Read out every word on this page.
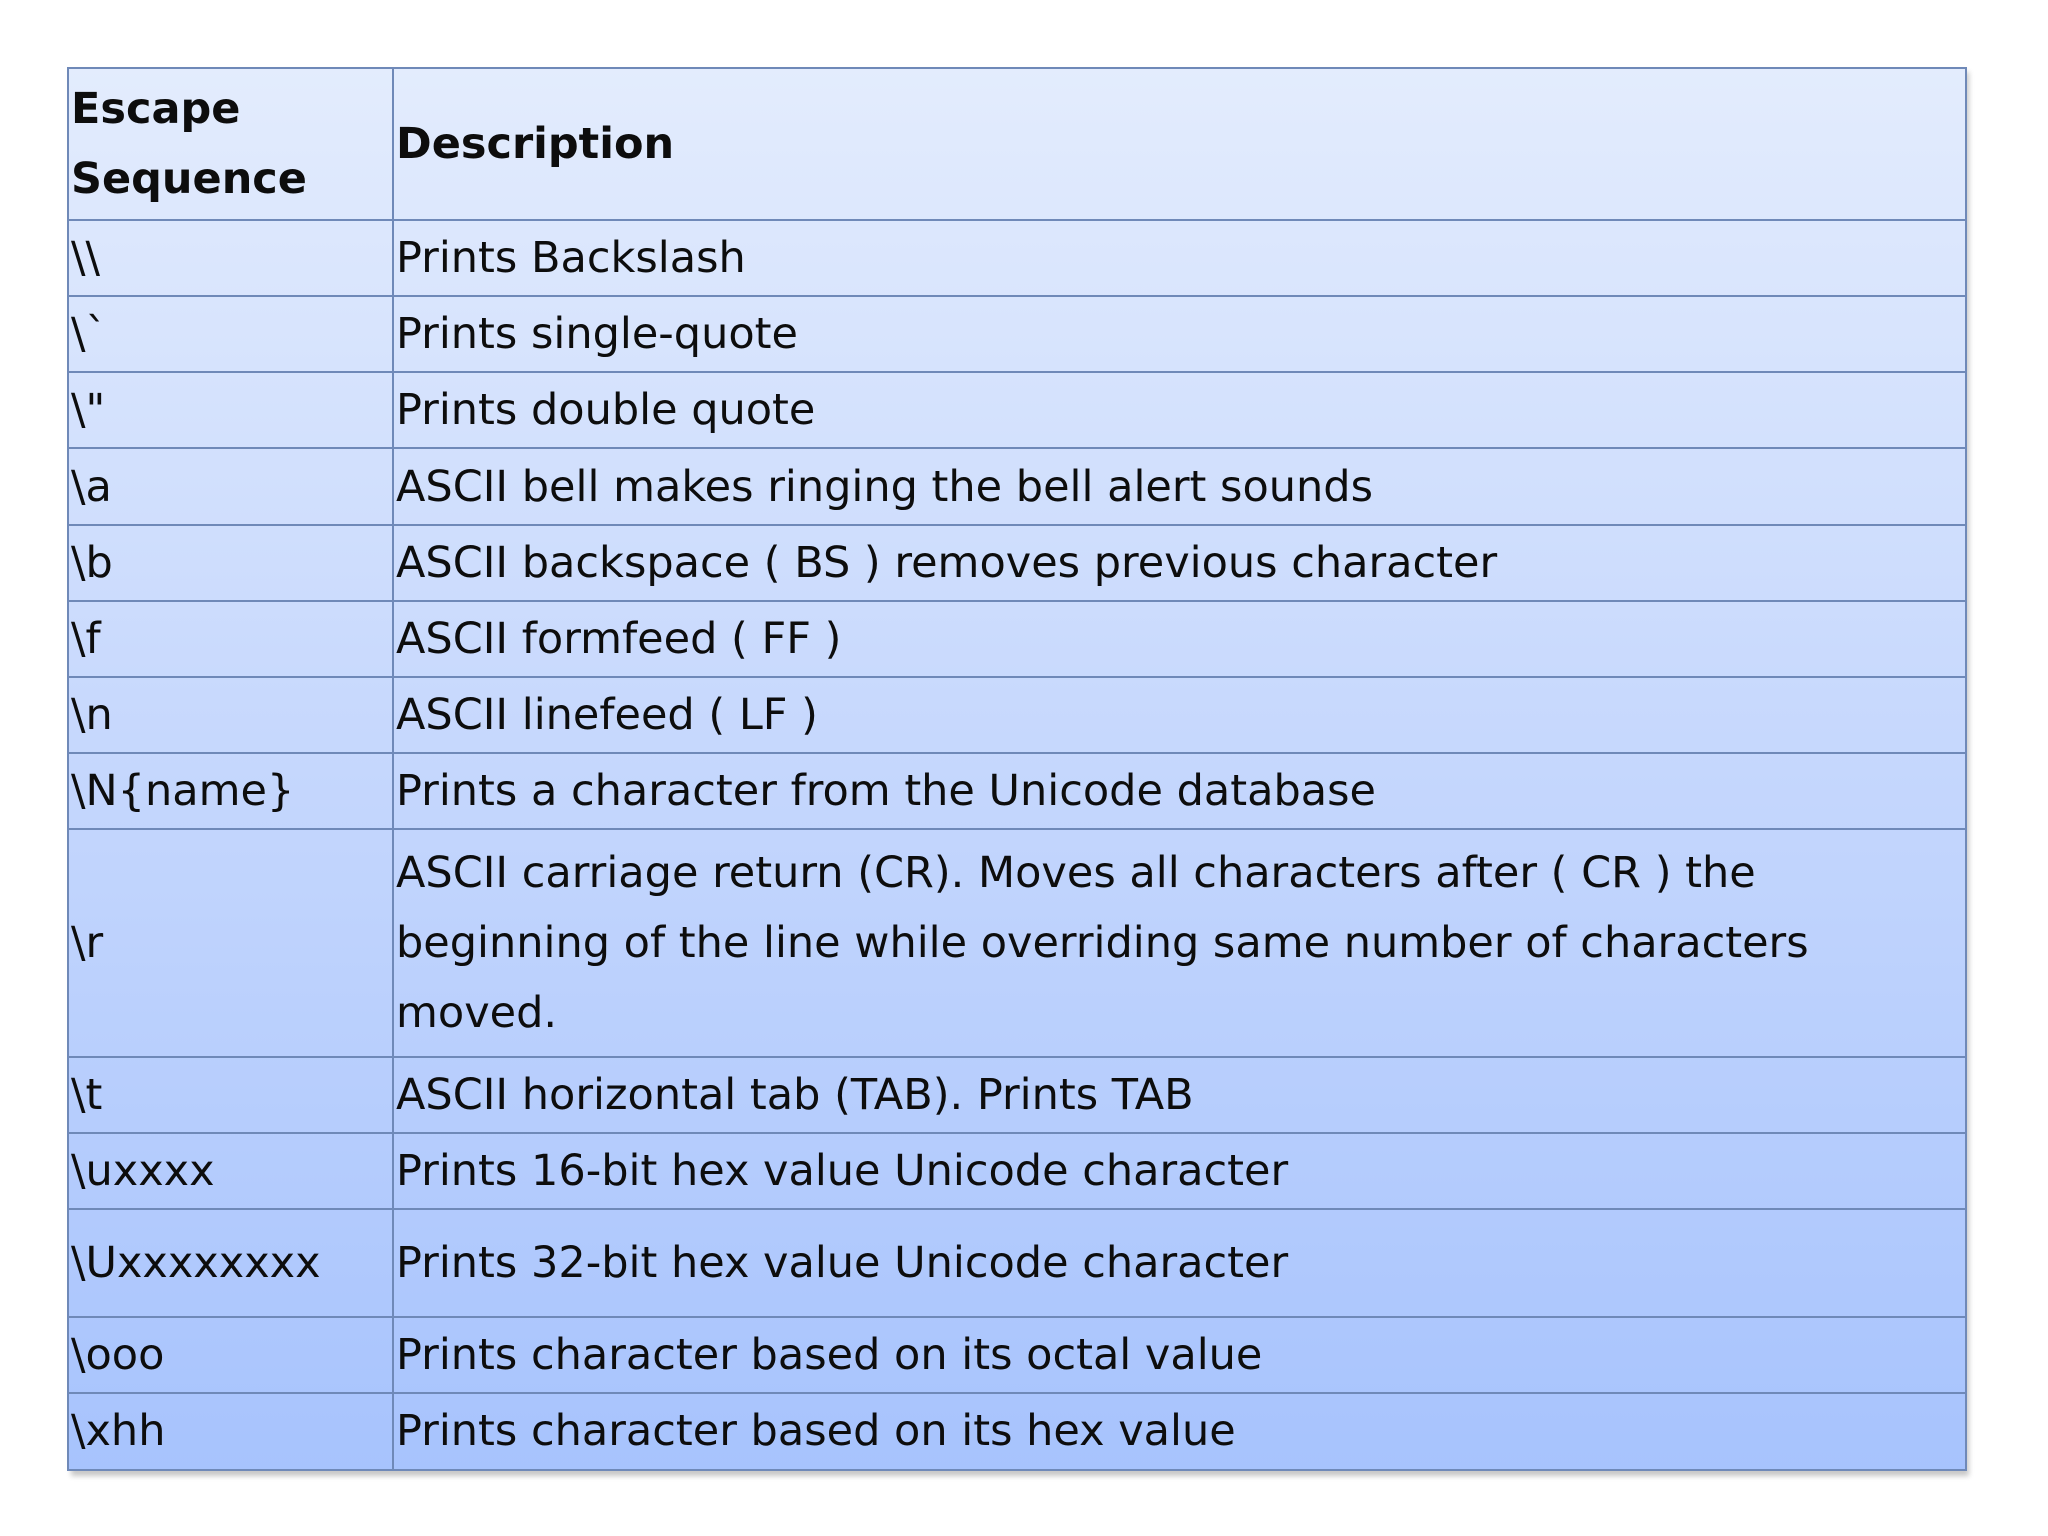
Escape Sequence	Description
\\	Prints Backslash
\`	Prints single-quote
\"	Prints double quote
\a	ASCII bell makes ringing the bell alert sounds
\b	ASCII backspace ( BS ) removes previous character
\f	ASCII formfeed ( FF )
\n	ASCII linefeed ( LF )
\N{name}	Prints a character from the Unicode database
\r	ASCII carriage return (CR). Moves all characters after ( CR ) the beginning of the line while overriding same number of characters moved.
\t	ASCII horizontal tab (TAB). Prints TAB
\uxxxx	Prints 16-bit hex value Unicode character
\Uxxxxxxxx	Prints 32-bit hex value Unicode character
\ooo	Prints character based on its octal value
\xhh	Prints character based on its hex value
